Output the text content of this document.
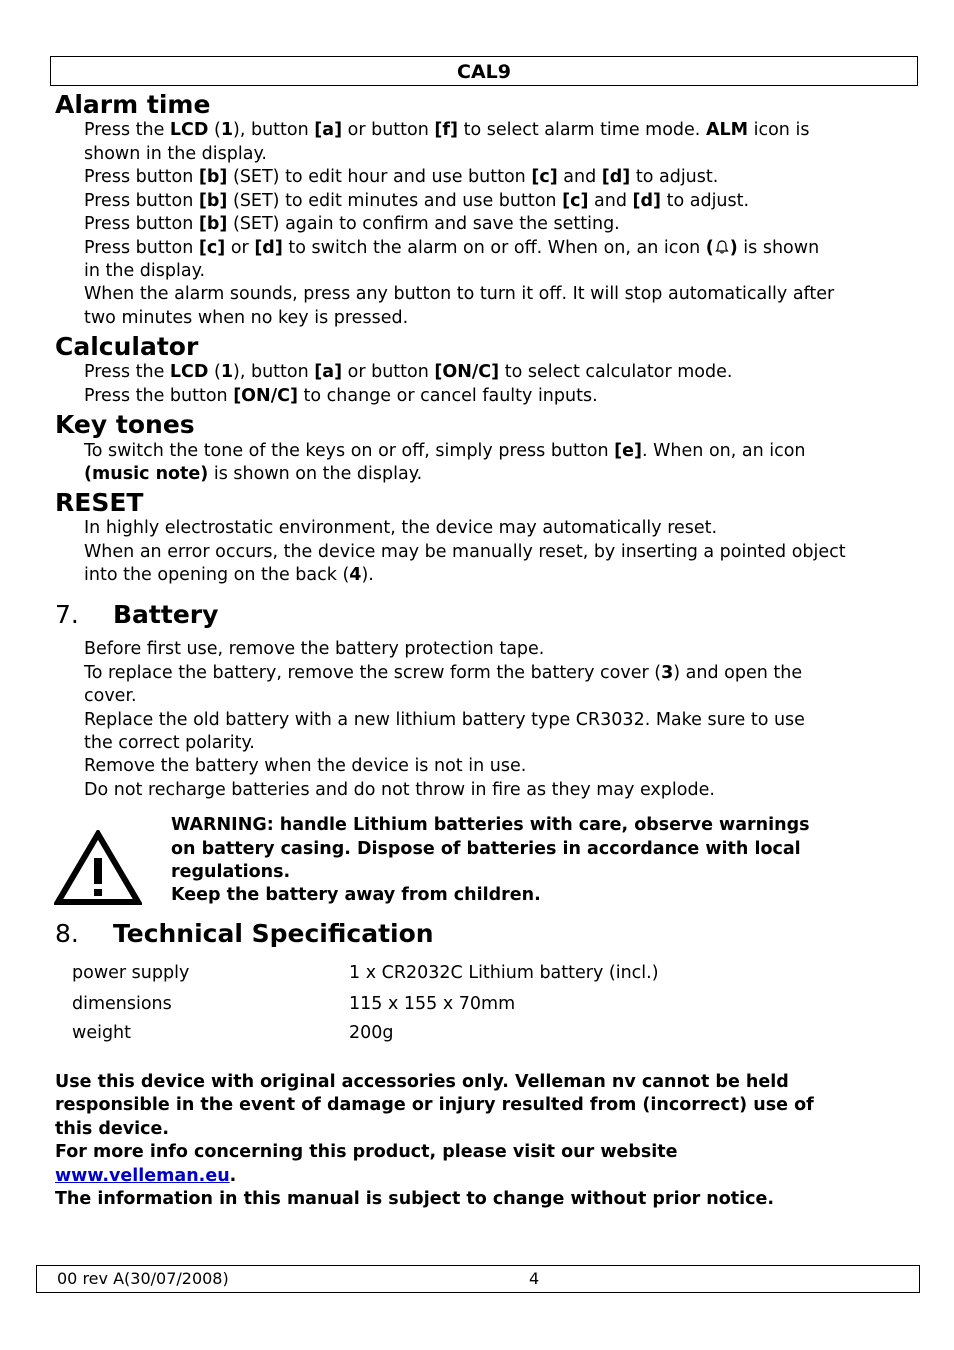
CAL9
Alarm time
Press the LCD (1), button [a] or button [f] to select alarm time mode. ALM icon is
shown in the display.
Press button [b] (SET) to edit hour and use button [c] and [d] to adjust.
Press button [b] (SET) to edit minutes and use button [c] and [d] to adjust.
Press button [b] (SET) again to confirm and save the setting.
Press button [c] or [d] to switch the alarm on or off. When on, an icon ( ) is shown
in the display.
When the alarm sounds, press any button to turn it off. It will stop automatically after
two minutes when no key is pressed.
Calculator
Press the LCD (1), button [a] or button [ON/C] to select calculator mode.
Press the button [ON/C] to change or cancel faulty inputs.
Key tones
To switch the tone of the keys on or off, simply press button [e]. When on, an icon
(music note) is shown on the display.
RESET
In highly electrostatic environment, the device may automatically reset.
When an error occurs, the device may be manually reset, by inserting a pointed object
into the opening on the back (4).
7. Battery
Before first use, remove the battery protection tape.
To replace the battery, remove the screw form the battery cover (3) and open the
cover.
Replace the old battery with a new lithium battery type CR3032. Make sure to use
the correct polarity.
Remove the battery when the device is not in use.
Do not recharge batteries and do not throw in fire as they may explode.
WARNING: handle Lithium batteries with care, observe warnings
on battery casing. Dispose of batteries in accordance with local
regulations.
Keep the battery away from children.
8. Technical Specification
power supply	1 x CR2032C Lithium battery (incl.)
dimensions	115 x 155 x 70mm
weight	200g
Use this device with original accessories only. Velleman nv cannot be held
responsible in the event of damage or injury resulted from (incorrect) use of
this device.
For more info concerning this product, please visit our website
www.velleman.eu.
The information in this manual is subject to change without prior notice.
00 rev A(30/07/2008)	4
